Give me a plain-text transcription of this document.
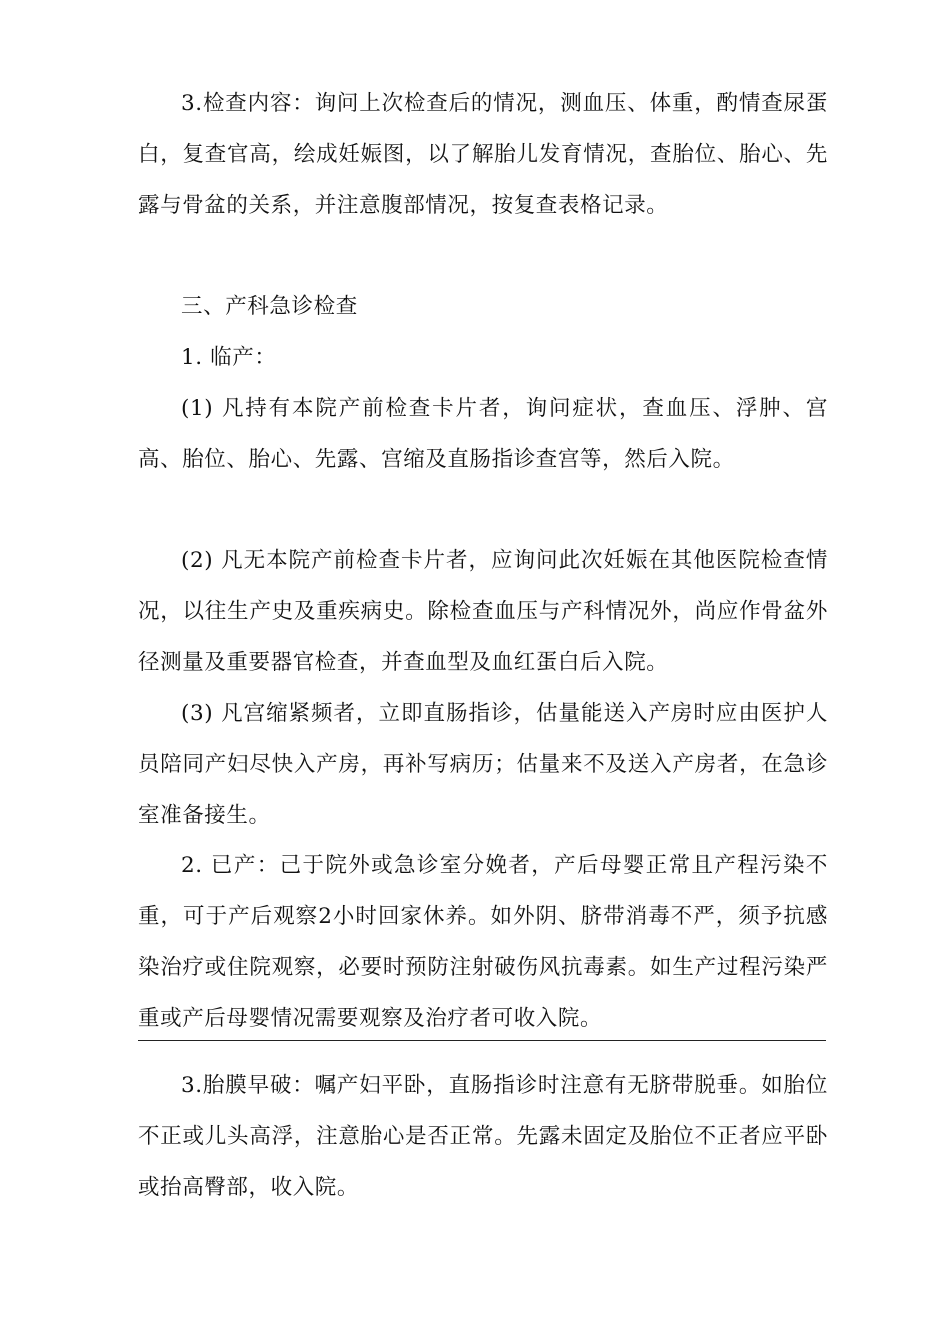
3.检查内容：询问上次检查后的情况，测血压、体重，酌情查尿蛋白，复查官高，绘成妊娠图，以了解胎儿发育情况，查胎位、胎心、先露与骨盆的关系，并注意腹部情况，按复查表格记录。

三、产科急诊检查

1. 临产：

(1) 凡持有本院产前检查卡片者，询问症状，查血压、浮肿、宫高、胎位、胎心、先露、宫缩及直肠指诊查宫等，然后入院。

(2) 凡无本院产前检查卡片者，应询问此次妊娠在其他医院检查情况，以往生产史及重疾病史。除检查血压与产科情况外，尚应作骨盆外径测量及重要器官检查，并查血型及血红蛋白后入院。

(3) 凡宫缩紧频者，立即直肠指诊，估量能送入产房时应由医护人员陪同产妇尽快入产房，再补写病历；估量来不及送入产房者，在急诊室准备接生。

2. 已产：己于院外或急诊室分娩者，产后母婴正常且产程污染不重，可于产后观察2小时回家休养。如外阴、脐带消毒不严，须予抗感染治疗或住院观察，必要时预防注射破伤风抗毒素。如生产过程污染严重或产后母婴情况需要观察及治疗者可收入院。

3.胎膜早破：嘱产妇平卧，直肠指诊时注意有无脐带脱垂。如胎位不正或儿头高浮，注意胎心是否正常。先露未固定及胎位不正者应平卧或抬高臀部，收入院。
